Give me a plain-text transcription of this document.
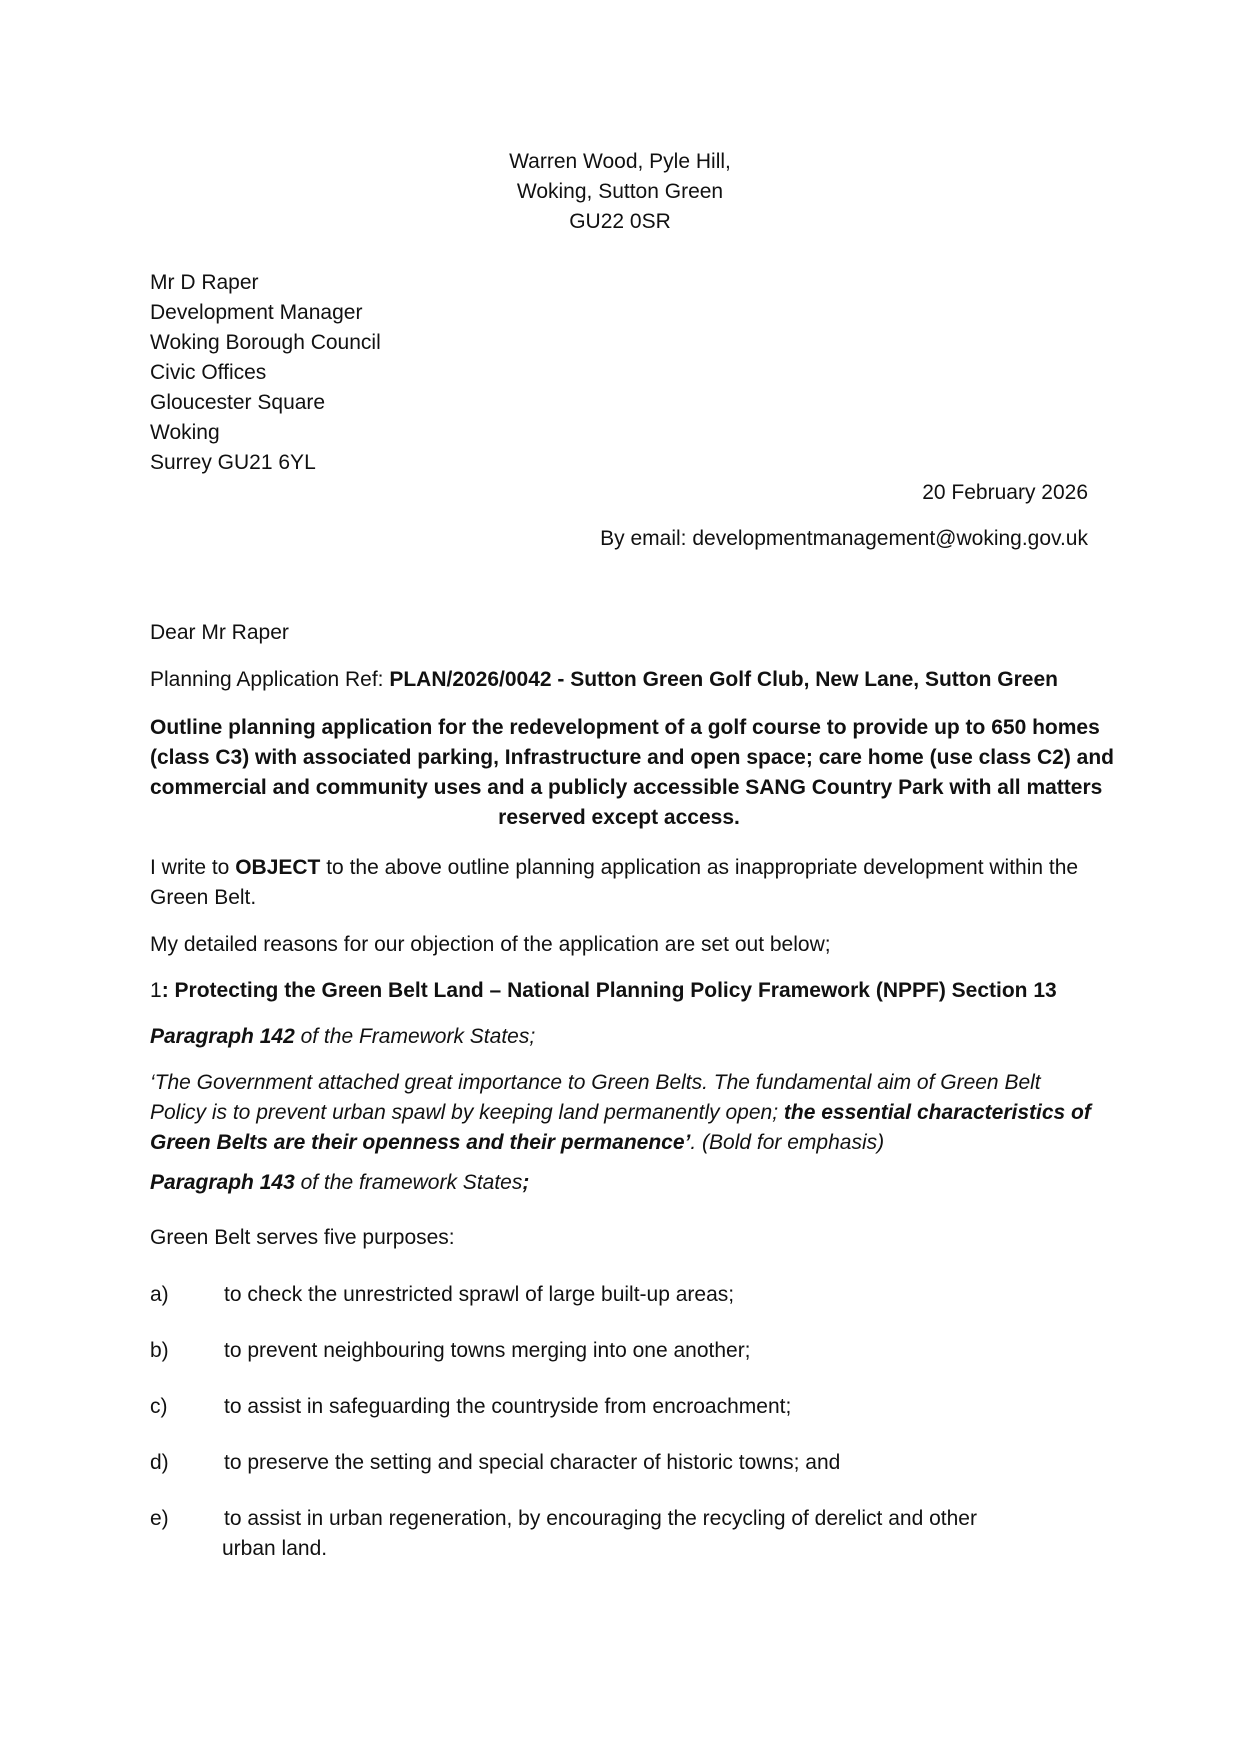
Warren Wood, Pyle Hill,
Woking, Sutton Green
GU22 0SR
Mr D Raper
Development Manager
Woking Borough Council
Civic Offices
Gloucester Square
Woking
Surrey GU21 6YL
20 February 2026
By email: developmentmanagement@woking.gov.uk
Dear Mr Raper
Planning Application Ref: PLAN/2026/0042 - Sutton Green Golf Club, New Lane, Sutton Green
Outline planning application for the redevelopment of a golf course to provide up to 650 homes
(class C3) with associated parking, Infrastructure and open space; care home (use class C2) and
commercial and community uses and a publicly accessible SANG Country Park with all matters
reserved except access.
I write to OBJECT to the above outline planning application as inappropriate development within the
Green Belt.
My detailed reasons for our objection of the application are set out below;
1: Protecting the Green Belt Land – National Planning Policy Framework (NPPF) Section 13
Paragraph 142 of the Framework States;
‘The Government attached great importance to Green Belts. The fundamental aim of Green Belt
Policy is to prevent urban spawl by keeping land permanently open; the essential characteristics of
Green Belts are their openness and their permanence’. (Bold for emphasis)
Paragraph 143 of the framework States;
Green Belt serves five purposes:
a)	to check the unrestricted sprawl of large built-up areas;
b)	to prevent neighbouring towns merging into one another;
c)	to assist in safeguarding the countryside from encroachment;
d)	to preserve the setting and special character of historic towns; and
e)	to assist in urban regeneration, by encouraging the recycling of derelict and other
urban land.
